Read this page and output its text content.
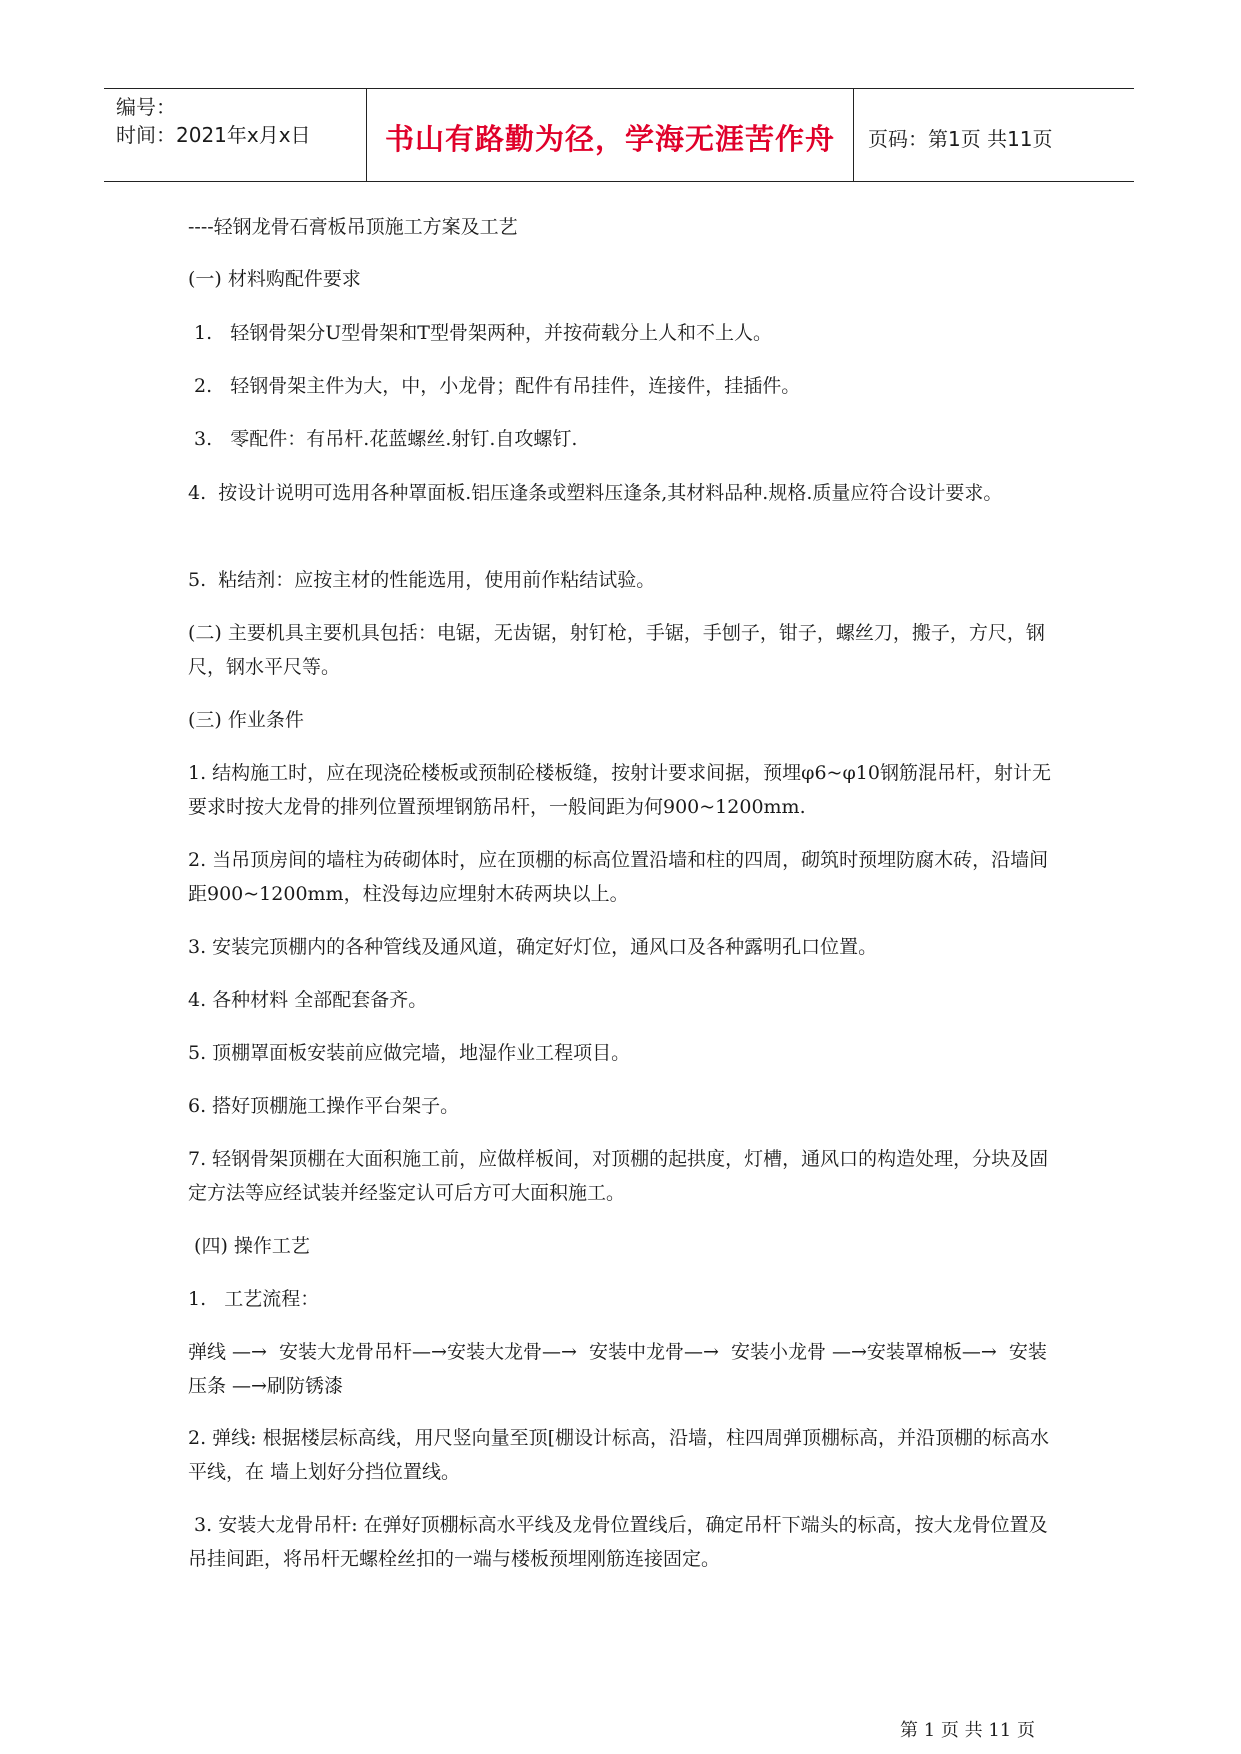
编号：
时间：2021年x月x日	书山有路勤为径，学海无涯苦作舟	页码：第1页 共11页
----轻钢龙骨石膏板吊顶施工方案及工艺
(一) 材料购配件要求
1.   轻钢骨架分U型骨架和T型骨架两种，并按荷载分上人和不上人。
2.   轻钢骨架主件为大，中，小龙骨；配件有吊挂件，连接件，挂插件。
3.   零配件：有吊杆.花蓝螺丝.射钉.自攻螺钉.
4.  按设计说明可选用各种罩面板.铝压逢条或塑料压逢条,其材料品种.规格.质量应符合设计要求。
5.  粘结剂：应按主材的性能选用，使用前作粘结试验。
(二) 主要机具主要机具包括：电锯，无齿锯，射钉枪，手锯，手刨子，钳子，螺丝刀，搬子，方尺，钢尺，钢水平尺等。
(三) 作业条件
1. 结构施工时，应在现浇砼楼板或预制砼楼板缝，按射计要求间据，预埋φ6~φ10钢筋混吊杆，射计无要求时按大龙骨的排列位置预埋钢筋吊杆，一般间距为何900~1200mm.
2. 当吊顶房间的墙柱为砖砌体时，应在顶棚的标高位置沿墙和柱的四周，砌筑时预埋防腐木砖，沿墙间距900~1200mm，柱没每边应埋射木砖两块以上。
3. 安装完顶棚内的各种管线及通风道，确定好灯位，通风口及各种露明孔口位置。
4. 各种材料 全部配套备齐。
5. 顶棚罩面板安装前应做完墙，地湿作业工程项目。
6. 搭好顶棚施工操作平台架子。
7. 轻钢骨架顶棚在大面积施工前，应做样板间，对顶棚的起拱度，灯槽，通风口的构造处理，分块及固定方法等应经试装并经鉴定认可后方可大面积施工。
(四) 操作工艺
1.   工艺流程：
弹线 —→  安装大龙骨吊杆—→安装大龙骨—→  安装中龙骨—→  安装小龙骨 —→安装罩棉板—→  安装压条 —→刷防锈漆
2. 弹线: 根据楼层标高线，用尺竖向量至顶[棚设计标高，沿墙，柱四周弹顶棚标高，并沿顶棚的标高水平线，在 墙上划好分挡位置线。
3. 安装大龙骨吊杆: 在弹好顶棚标高水平线及龙骨位置线后，确定吊杆下端头的标高，按大龙骨位置及吊挂间距，将吊杆无螺栓丝扣的一端与楼板预埋刚筋连接固定。
第 1 页 共 11 页
